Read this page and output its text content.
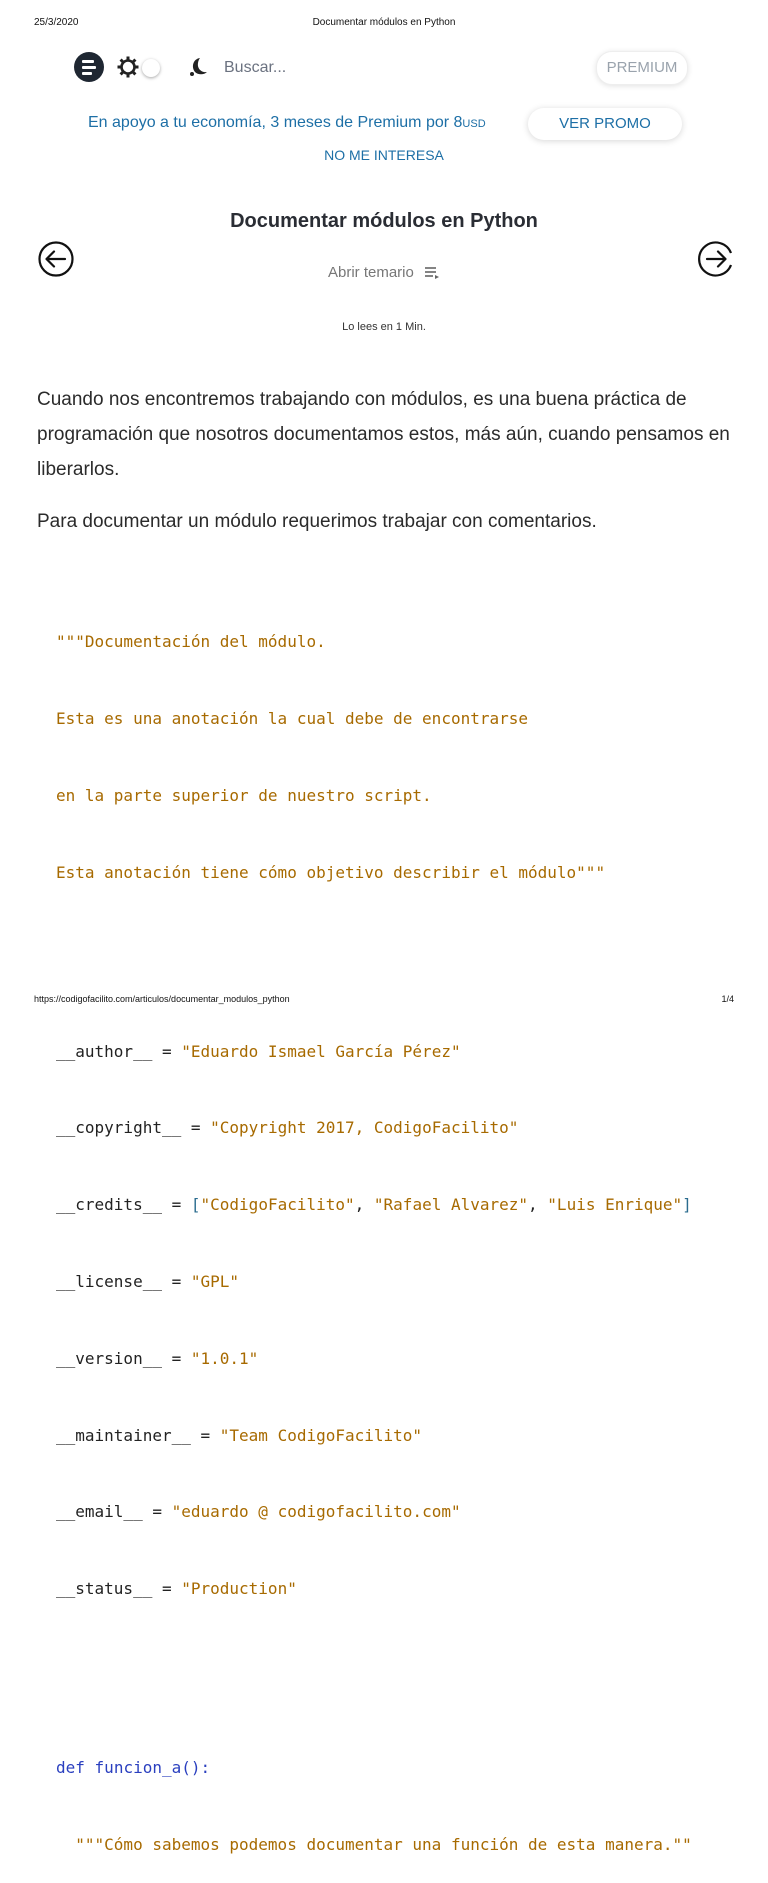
25/3/2020	Documentar módulos en Python
Buscar...
PREMIUM
En apoyo a tu economía, 3 meses de Premium por 8USD	VER PROMO
NO ME INTERESA
Documentar módulos en Python
Abrir temario
Lo lees en 1 Min.
Cuando nos encontremos trabajando con módulos, es una buena práctica de programación que nosotros documentamos estos, más aún, cuando pensamos en liberarlos.
Para documentar un módulo requerimos trabajar con comentarios.

"""Documentación del módulo.

Esta es una anotación la cual debe de encontrarse

en la parte superior de nuestro script.

Esta anotación tiene cómo objetivo describir el módulo"""

__author__ = "Eduardo Ismael García Pérez"

__copyright__ = "Copyright 2017, CodigoFacilito"

__credits__ = ["CodigoFacilito", "Rafael Alvarez", "Luis Enrique"]

__license__ = "GPL"

__version__ = "1.0.1"

__maintainer__ = "Team CodigoFacilito"

__email__ = "eduardo @ codigofacilito.com"

__status__ = "Production"

def funcion_a():

"""Cómo sabemos podemos documentar una función de esta manera.""

https://codigofacilito.com/articulos/documentar_modulos_python	1/4
